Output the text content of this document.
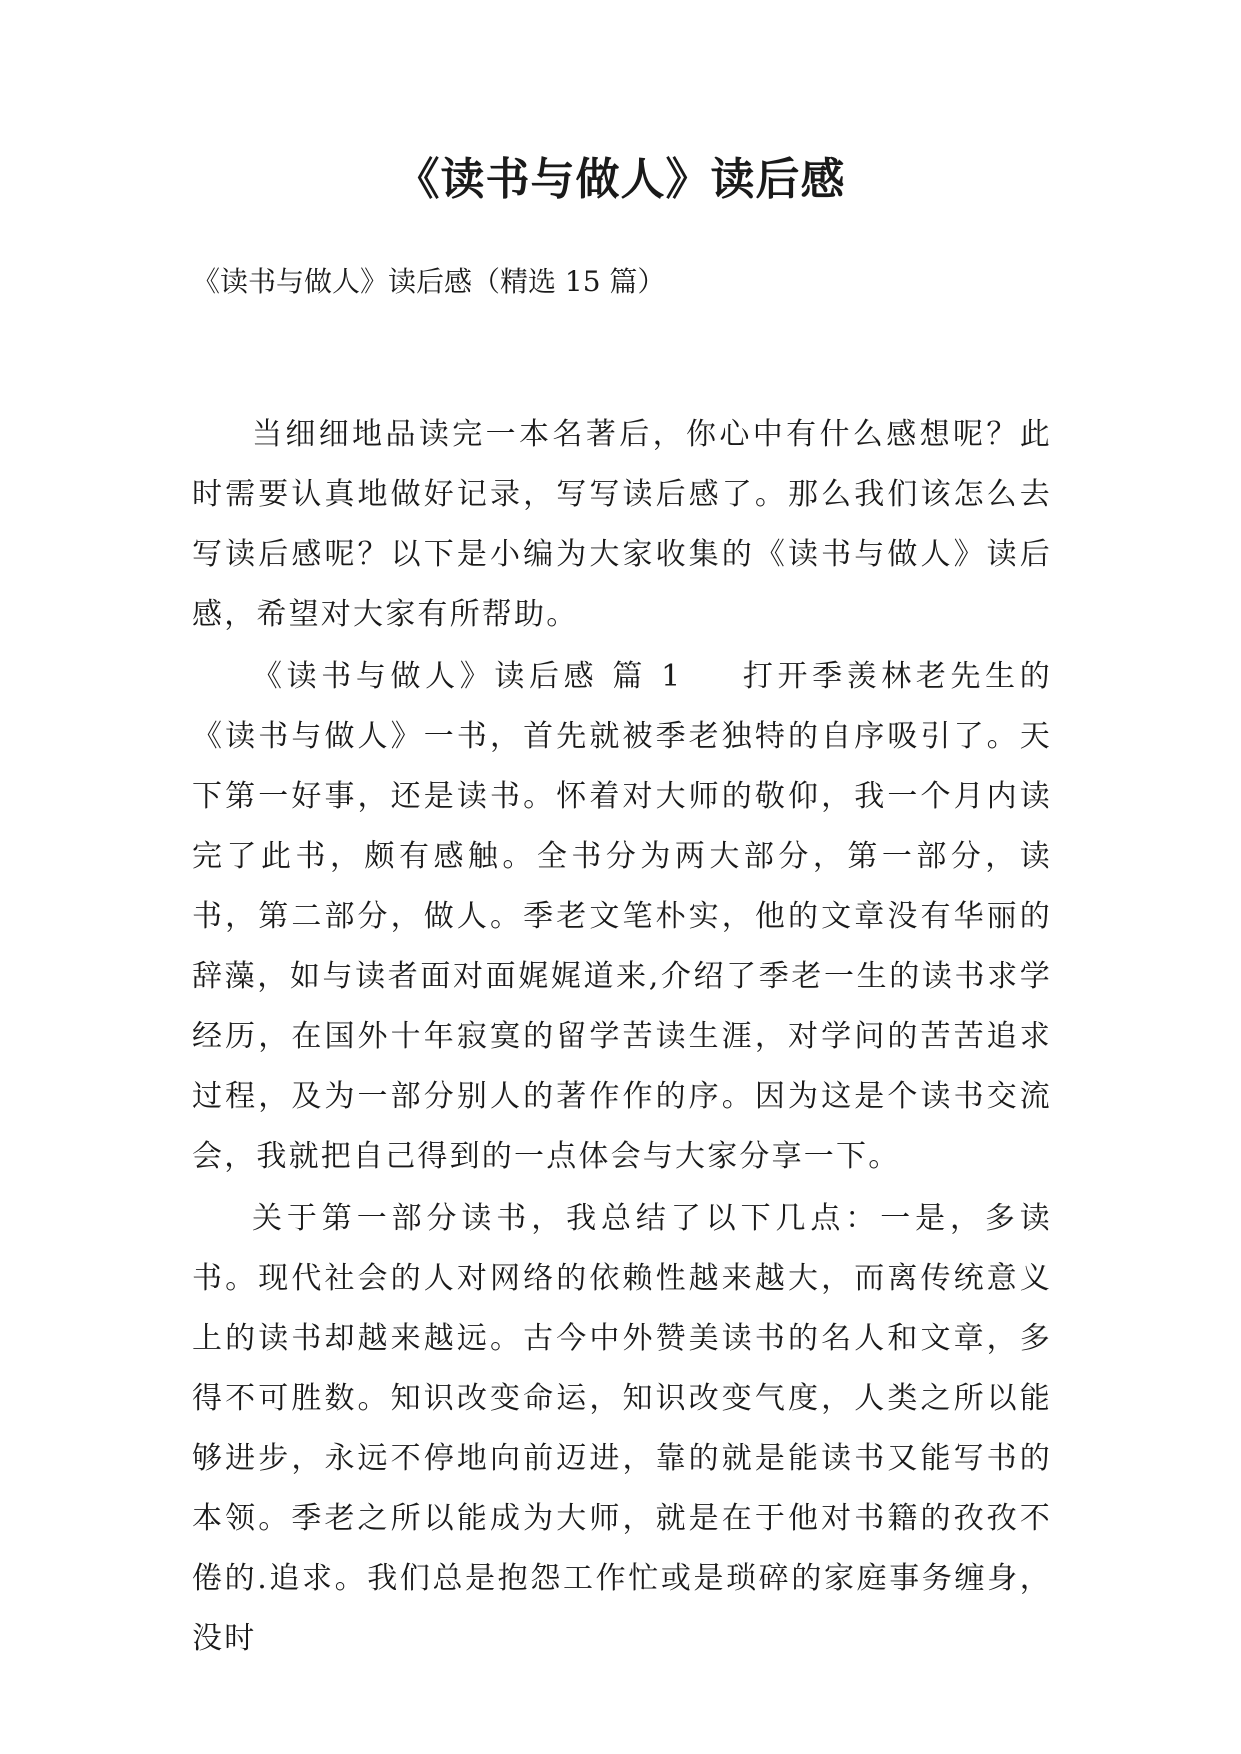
《读书与做人》读后感

《读书与做人》读后感（精选 15 篇）

当细细地品读完一本名著后，你心中有什么感想呢？此时需要认真地做好记录，写写读后感了。那么我们该怎么去写读后感呢？以下是小编为大家收集的《读书与做人》读后感，希望对大家有所帮助。

《读书与做人》读后感 篇 1 打开季羡林老先生的《读书与做人》一书，首先就被季老独特的自序吸引了。天下第一好事，还是读书。怀着对大师的敬仰，我一个月内读完了此书，颇有感触。全书分为两大部分，第一部分，读书，第二部分，做人。季老文笔朴实，他的文章没有华丽的辞藻，如与读者面对面娓娓道来,介绍了季老一生的读书求学经历，在国外十年寂寞的留学苦读生涯，对学问的苦苦追求过程，及为一部分别人的著作作的序。因为这是个读书交流会，我就把自己得到的一点体会与大家分享一下。

关于第一部分读书，我总结了以下几点：一是，多读书。现代社会的人对网络的依赖性越来越大，而离传统意义上的读书却越来越远。古今中外赞美读书的名人和文章，多得不可胜数。知识改变命运，知识改变气度，人类之所以能够进步，永远不停地向前迈进，靠的就是能读书又能写书的本领。季老之所以能成为大师，就是在于他对书籍的孜孜不倦的.追求。我们总是抱怨工作忙或是琐碎的家庭事务缠身，没时
